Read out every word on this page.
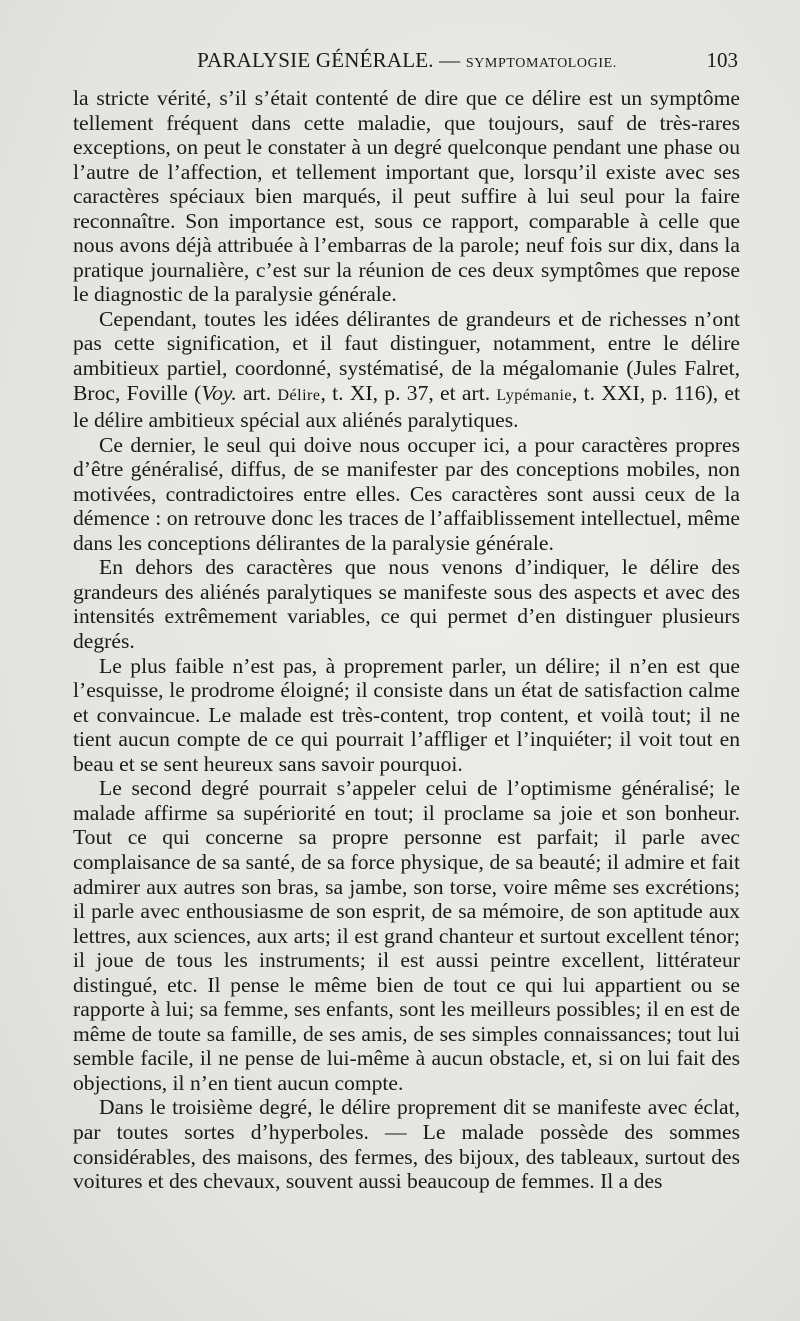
PARALYSIE GÉNÉRALE. — SYMPTOMATOLOGIE.	103

la stricte vérité, s’il s’était contenté de dire que ce délire est un symptôme tellement fréquent dans cette maladie, que toujours, sauf de très-rares exceptions, on peut le constater à un degré quelconque pendant une phase ou l’autre de l’affection, et tellement important que, lorsqu’il existe avec ses caractères spéciaux bien marqués, il peut suffire à lui seul pour la faire reconnaître. Son importance est, sous ce rapport, comparable à celle que nous avons déjà attribuée à l’embarras de la parole; neuf fois sur dix, dans la pratique journalière, c’est sur la réunion de ces deux symptômes que repose le diagnostic de la paralysie générale.

Cependant, toutes les idées délirantes de grandeurs et de richesses n’ont pas cette signification, et il faut distinguer, notamment, entre le délire ambitieux partiel, coordonné, systématisé, de la mégalomanie (Jules Falret, Broc, Foville (Voy. art. Délire, t. XI, p. 37, et art. Lypémanie, t. XXI, p. 116), et le délire ambitieux spécial aux aliénés paralytiques.

Ce dernier, le seul qui doive nous occuper ici, a pour caractères propres d’être généralisé, diffus, de se manifester par des conceptions mobiles, non motivées, contradictoires entre elles. Ces caractères sont aussi ceux de la démence : on retrouve donc les traces de l’affaiblissement intellectuel, même dans les conceptions délirantes de la paralysie générale.

En dehors des caractères que nous venons d’indiquer, le délire des grandeurs des aliénés paralytiques se manifeste sous des aspects et avec des intensités extrêmement variables, ce qui permet d’en distinguer plusieurs degrés.

Le plus faible n’est pas, à proprement parler, un délire; il n’en est que l’esquisse, le prodrome éloigné; il consiste dans un état de satisfaction calme et convaincue. Le malade est très-content, trop content, et voilà tout; il ne tient aucun compte de ce qui pourrait l’affliger et l’inquiéter; il voit tout en beau et se sent heureux sans savoir pourquoi.

Le second degré pourrait s’appeler celui de l’optimisme généralisé; le malade affirme sa supériorité en tout; il proclame sa joie et son bonheur. Tout ce qui concerne sa propre personne est parfait; il parle avec complaisance de sa santé, de sa force physique, de sa beauté; il admire et fait admirer aux autres son bras, sa jambe, son torse, voire même ses excrétions; il parle avec enthousiasme de son esprit, de sa mémoire, de son aptitude aux lettres, aux sciences, aux arts; il est grand chanteur et surtout excellent ténor; il joue de tous les instruments; il est aussi peintre excellent, littérateur distingué, etc. Il pense le même bien de tout ce qui lui appartient ou se rapporte à lui; sa femme, ses enfants, sont les meilleurs possibles; il en est de même de toute sa famille, de ses amis, de ses simples connaissances; tout lui semble facile, il ne pense de lui-même à aucun obstacle, et, si on lui fait des objections, il n’en tient aucun compte.

Dans le troisième degré, le délire proprement dit se manifeste avec éclat, par toutes sortes d’hyperboles. — Le malade possède des sommes considérables, des maisons, des fermes, des bijoux, des tableaux, surtout des voitures et des chevaux, souvent aussi beaucoup de femmes. Il a des
